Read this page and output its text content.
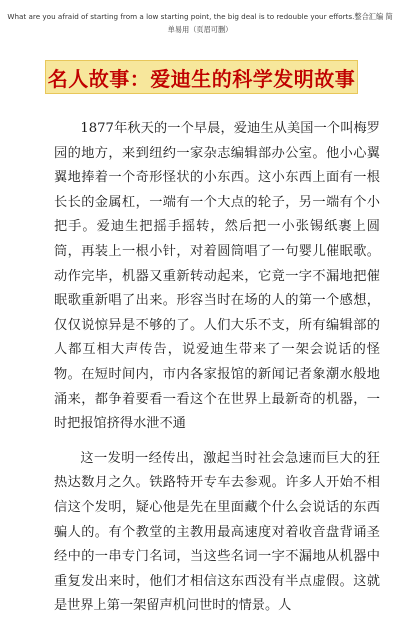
What are you afraid of starting from a low starting point, the big deal is to redouble your efforts.整合汇编 简
单易用（页眉可删）
名人故事：爱迪生的科学发明故事

1877年秋天的一个早晨，爱迪生从美国一个叫梅罗园的地方，来到纽约一家杂志编辑部办公室。他小心翼翼地捧着一个奇形怪状的小东西。这小东西上面有一根长长的金属杠，一端有一个大点的轮子，另一端有个小把手。爱迪生把摇手摇转，然后把一小张锡纸裹上圆筒，再装上一根小针，对着圆筒唱了一句婴儿催眠歌。动作完毕，机器又重新转动起来，它竟一字不漏地把催眠歌重新唱了出来。形容当时在场的人的第一个感想，仅仅说惊异是不够的了。人们大乐不支，所有编辑部的人都互相大声传告，说爱迪生带来了一架会说话的怪物。在短时间内，市内各家报馆的新闻记者象潮水般地涌来，都争着要看一看这个在世界上最新奇的机器，一时把报馆挤得水泄不通

这一发明一经传出，激起当时社会急速而巨大的狂热达数月之久。铁路特开专车去参观。许多人开始不相信这个发明，疑心他是先在里面藏个什么会说话的东西骗人的。有个教堂的主教用最高速度对着收音盘背诵圣经中的一串专门名词，当这些名词一字不漏地从机器中重复发出来时，他们才相信这东西没有半点虚假。这就是世界上第一架留声机问世时的情景。人
